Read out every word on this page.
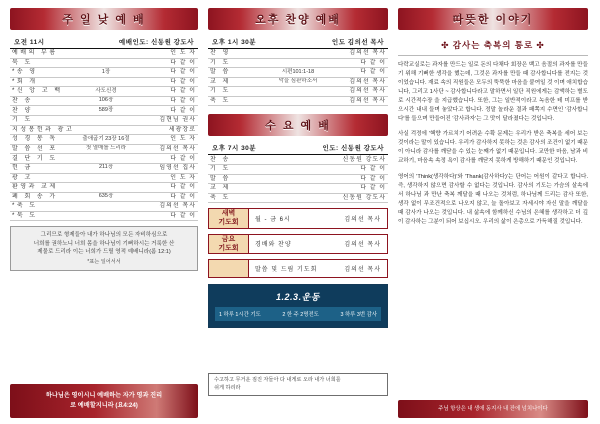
주 일 낮 예 배
오전 11시	예배인도: 신동원 강도사
예배의 부름		인 도 자
묵 도		다 같 이
*송 영	1장	다 같 이
*회 개		다 같 이
*신 앙 고 백	사도신경	다 같 이
찬 송	106장	다 같 이
찬 양	589장	다 같 이
기 도		김현님 권사
지성봉헌과 광고		세광장로
성 경 봉 독	출애굽기 23장 16절	인 도 자
말 씀 선 포	첫 열매를 드리라	김의선 목사
결 단 기 도		다 같 이
헌 금	211장	임영선 집사
광 고		인 도 자
환영과 교제		다 같 이
폐 회 송 가	635장	다 같 이
*축 도		김의선 목사
*묵 도		다 같 이
그리므로 형제들아 내가 하나님의 모든 자비하심으로
너희를 권하노니 너희 몸을 하나님이 기뻐하시는 거룩한 산
제물로 드리라 이는 너희가 드릴 영적 예배니라(롬 12:1)
*표는 일어서서
하나님은 영이시니 예배하는 자가 영과 진리
로 예배할지니라 (요4:24)
오후 찬양 예배
오후 1시 30분	인도 김의선 목사
찬 영		김의선 목사
기 도		다 같 이
말 씀	시편101:1-18	다 같 이
교 제	악을 심판하소서	김의선 목사
기 도		김의선 목사
축 도		김의선 목사
수 요 예 배
오후 7시 30분	인도: 신동원 강도사
찬 송		신동원 강도사
기 도		다 같 이
말 씀		다 같 이
교 제		다 같 이
축 도		신동원 강도사
새벽
기도회	월 - 금 6시	김의선 목사
금요
기도회	경배와 찬양	김의선 목사
말씀 및 드림 기도회	김의선 목사
1.2.3.운동
1 하루 1시간 기도	2 한 주 2명전도	3 하루 3번 감사
수고하고 무거운 짐진 자들아 다 내게로 오라 내가 너희를
쉬게 하리라
따뜻한 이야기
✣ 감사는 축복의 통로 ✣

다락교실로는 과자를 만드는 일로 돈의 다채다 회장은 백고 음절의 과자를 만들기 위해 기뻐한 생각을 했는데, 그것은 과자를 만들 때 감사합니다를 전지는 것이었습니다. 재료 속의 직원들은 모두의 뚝뚝한 마음을 붙여일 것 이며 애치합습니다, 그리고 1사단 ~ 감사합니다라고 말하면서 일단 직원에게는 감액하는 별도로 시간적수장 을 지급했습니다. 또한, 그는 일반적이라고 녹음한 테 미프를 받으시간 내내 들며 놓았다고 합니다. 정말 놀라운 결과 패쪽지 수면인 '감사합니다'를 들으며 만들어진 '감사과자'는 그 맛이 달라졌다는 것입니다.

사실 걱정에 '핵향 가르치기 어려운 수확 문제는 우리가 받은 축복을 세어 보는 것이라는 말이 있습니다. 우리가 감사하지 못하는 것은 감사의 조건이 없기 때문이 아니라 감사를 깨닫을 수 있는 눈째가 없기 때문입니다. 교만한 마음, 남과 비교하기, 마음속 속정 욕이 감사를 깨닫지 못하게 방해하기 때문인 것입니다.

영어의 'Think(생각하다)'와 'Thank(감사하다)'는 단어는 어원이 같다고 합니다. 즉, 생각하지 않으면 감사할 수 없다는 것입니다. 감사의 기도는 가슴의 살속에서 하나님 과 만난 축복 깨달을 때 나오는 것처럼, 하나님께 드리는 감사 또한, 생각 없이 무조건적으로 나오지 않고, 늘 돌아보고 자세시야 자신 말을 깨달을 때 감사가 나오는 것입니다. 내 삶속에 함께하신 수님의 은혜를 생각하고 더 깊이 감사하는 그분이 되어 보십시오. 우리의 삶이 은총으로 가득해질 것입니다.

주님 항상은 내 생애 동지사 내 잔에 넘치나이다
